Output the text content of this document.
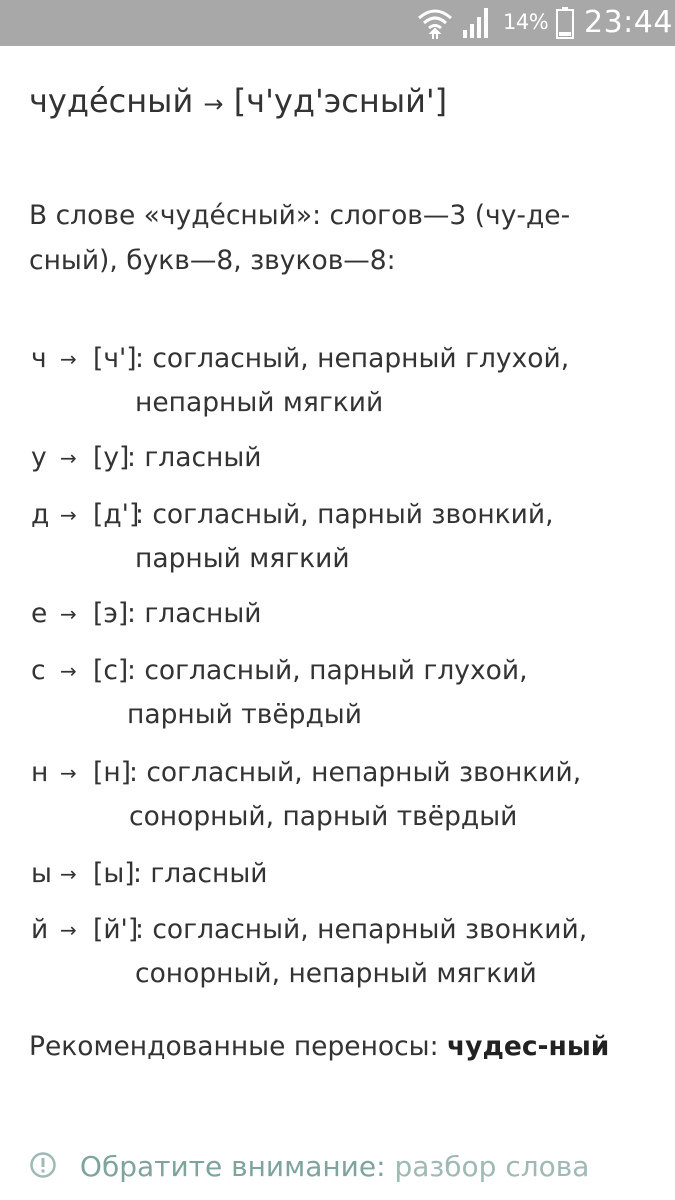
14% 23:44
чуде́сный → [ч'уд'эсный']
В слове «чуде́сный»: слогов—3 (чу-де-сный), букв—8, звуков—8:
ч → [ч']
: согласный, непарный глухой, непарный мягкий
у → [у]
: гласный
д → [д']
: согласный, парный звонкий, парный мягкий
е → [э]
: гласный
с → [с]
: согласный, парный глухой, парный твёрдый
н → [н]
: согласный, непарный звонкий, сонорный, парный твёрдый
ы → [ы]
: гласный
й → [й']
: согласный, непарный звонкий, сонорный, непарный мягкий
Рекомендованные переносы: чудес-ный
Обратите внимание: разбор слова
